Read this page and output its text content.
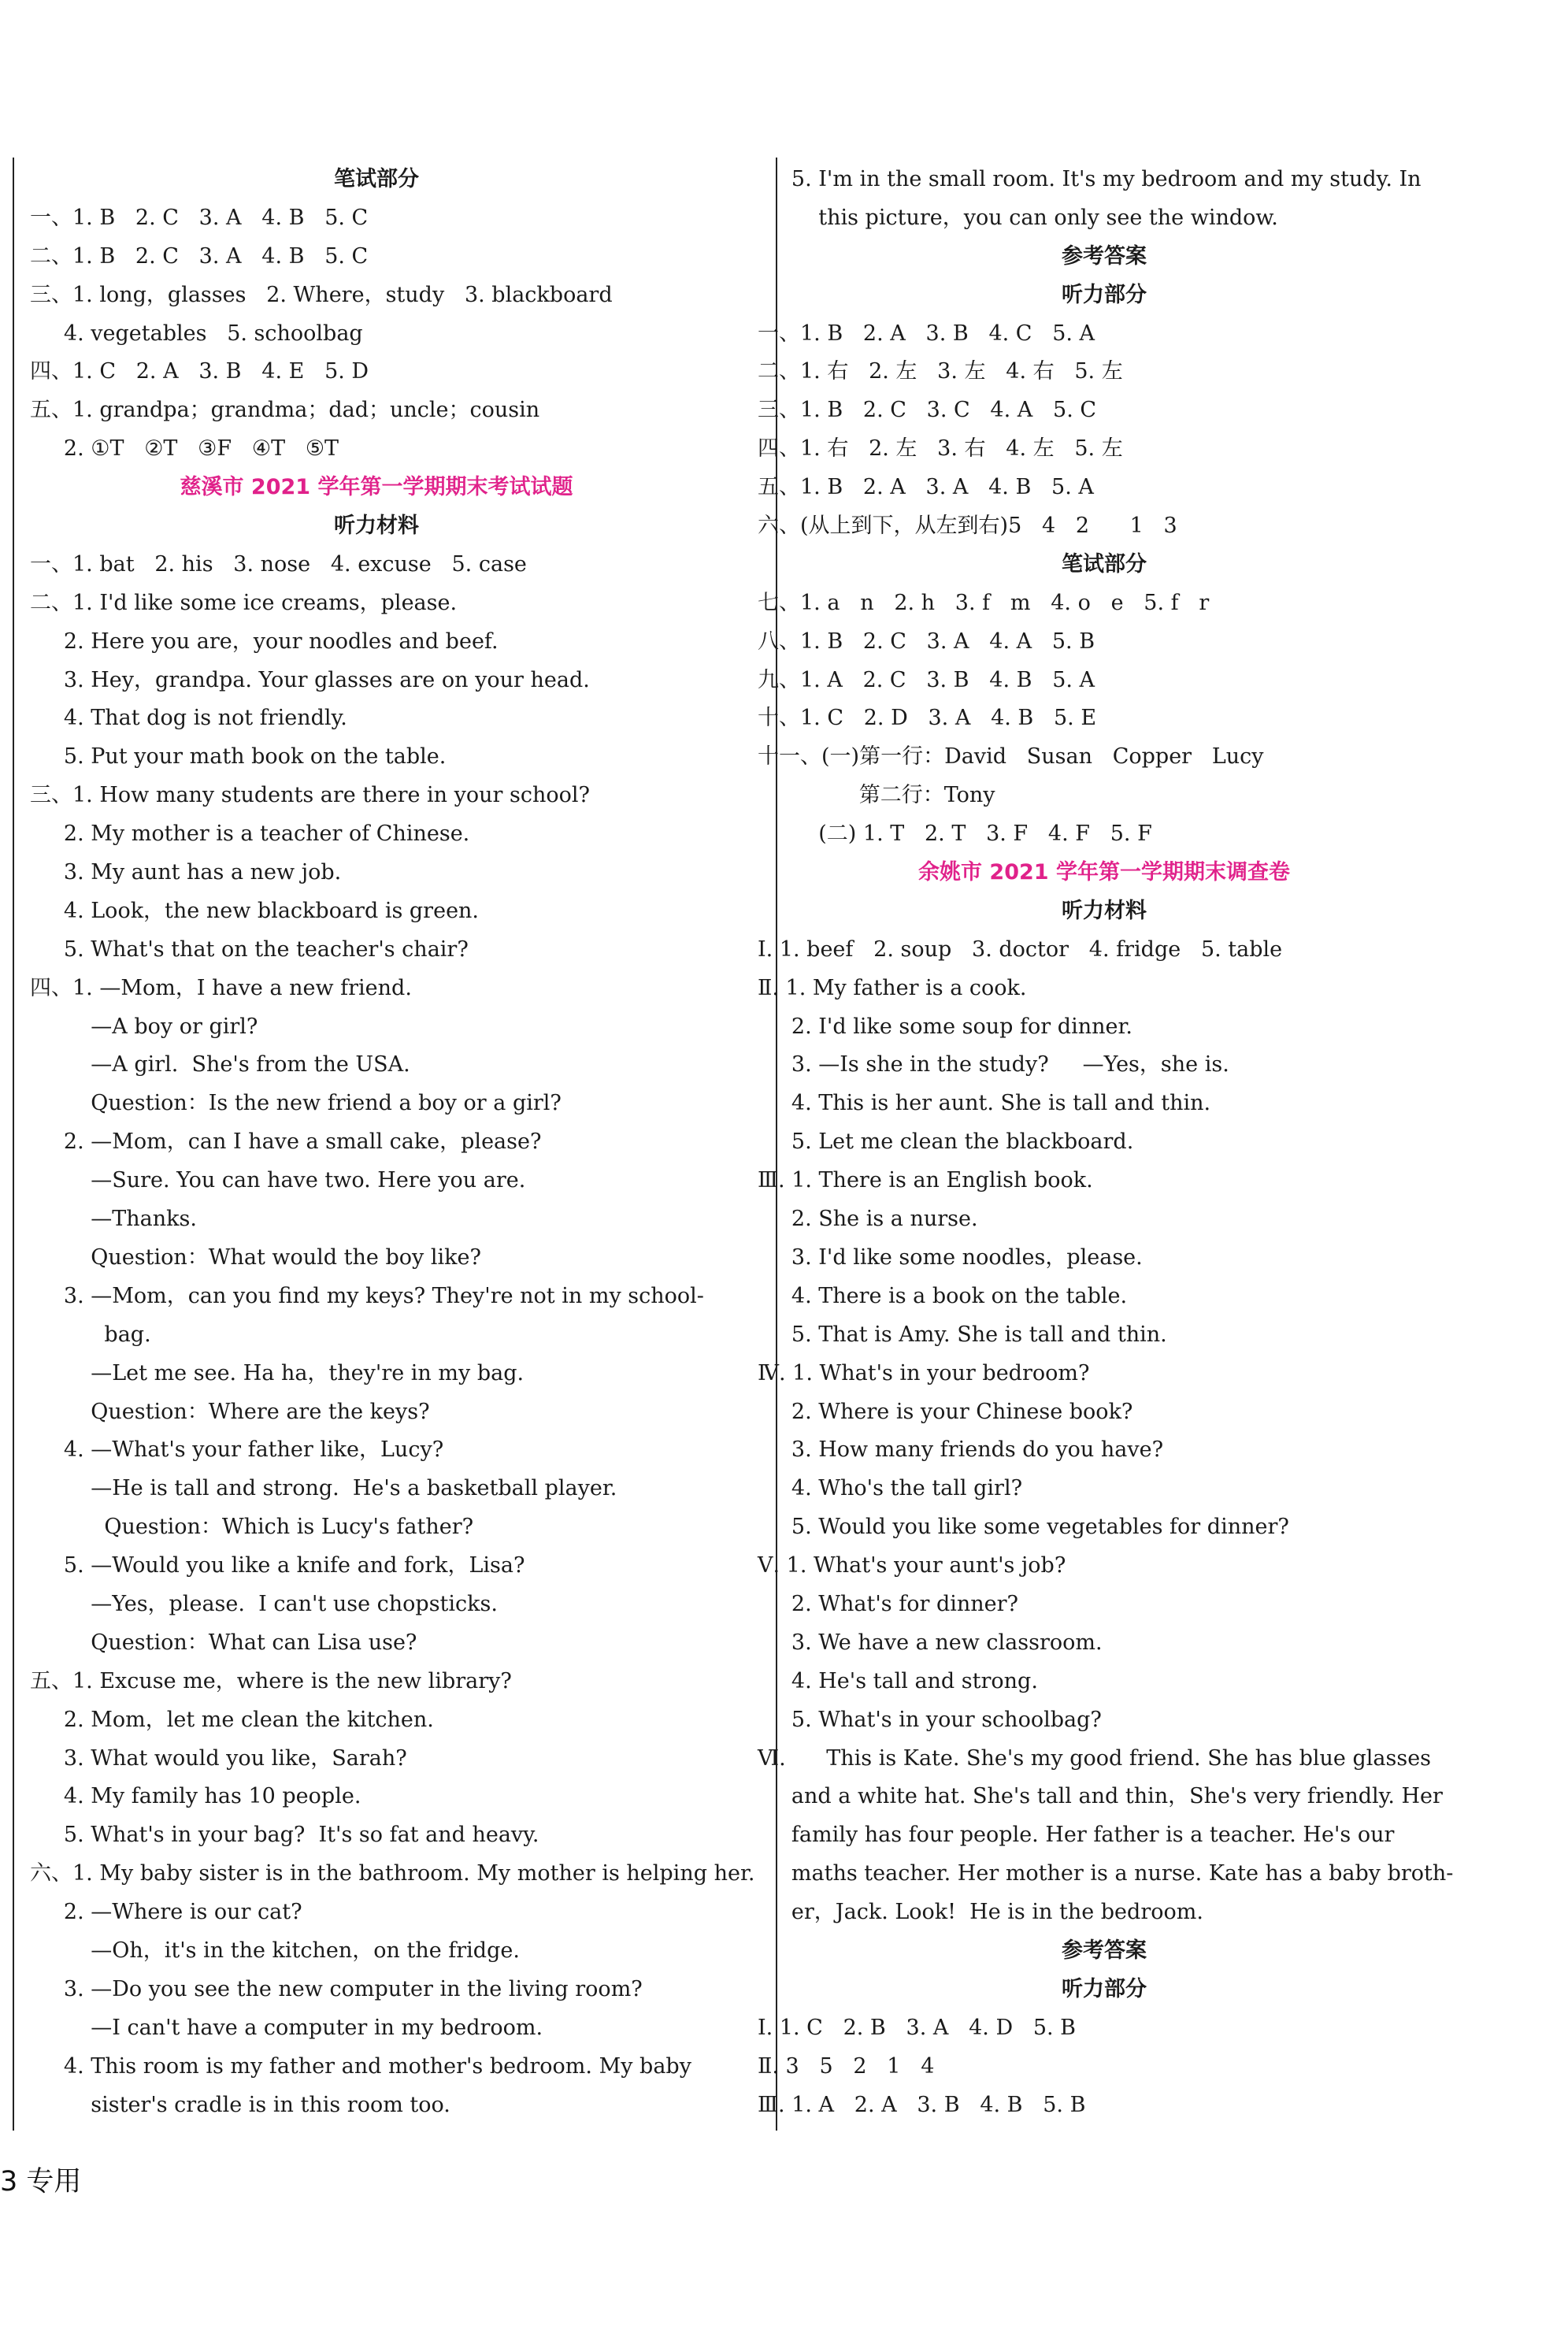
笔试部分
一、1. B   2. C   3. A   4. B   5. C
二、1. B   2. C   3. A   4. B   5. C
三、1. long，glasses   2. Where，study   3. blackboard
4. vegetables   5. schoolbag
四、1. C   2. A   3. B   4. E   5. D
五、1. grandpa；grandma；dad；uncle；cousin
2. ①T   ②T   ③F   ④T   ⑤T
慈溪市 2021 学年第一学期期末考试试题
听力材料
一、1. bat   2. his   3. nose   4. excuse   5. case
二、1. I'd like some ice creams，please.
2. Here you are，your noodles and beef.
3. Hey，grandpa. Your glasses are on your head.
4. That dog is not friendly.
5. Put your math book on the table.
三、1. How many students are there in your school?
2. My mother is a teacher of Chinese.
3. My aunt has a new job.
4. Look，the new blackboard is green.
5. What's that on the teacher's chair?
四、1. —Mom，I have a new friend.
—A boy or girl?
—A girl.  She's from the USA.
Question：Is the new friend a boy or a girl?
2. —Mom，can I have a small cake，please?
—Sure. You can have two. Here you are.
—Thanks.
Question：What would the boy like?
3. —Mom，can you find my keys? They're not in my school-
bag.
—Let me see. Ha ha，they're in my bag.
Question：Where are the keys?
4. —What's your father like，Lucy?
—He is tall and strong.  He's a basketball player.
Question：Which is Lucy's father?
5. —Would you like a knife and fork，Lisa?
—Yes，please.  I can't use chopsticks.
Question：What can Lisa use?
五、1. Excuse me，where is the new library?
2. Mom，let me clean the kitchen.
3. What would you like，Sarah?
4. My family has 10 people.
5. What's in your bag?  It's so fat and heavy.
六、1. My baby sister is in the bathroom. My mother is helping her.
2. —Where is our cat?
—Oh，it's in the kitchen，on the fridge.
3. —Do you see the new computer in the living room?
—I can't have a computer in my bedroom.
4. This room is my father and mother's bedroom. My baby
sister's cradle is in this room too.
5. I'm in the small room. It's my bedroom and my study. In
this picture，you can only see the window.
参考答案
听力部分
一、1. B   2. A   3. B   4. C   5. A
二、1. 右   2. 左   3. 左   4. 右   5. 左
三、1. B   2. C   3. C   4. A   5. C
四、1. 右   2. 左   3. 右   4. 左   5. 左
五、1. B   2. A   3. A   4. B   5. A
六、(从上到下，从左到右)5   4   2      1   3
笔试部分
七、1. a   n   2. h   3. f   m   4. o   e   5. f   r
八、1. B   2. C   3. A   4. A   5. B
九、1. A   2. C   3. B   4. B   5. A
十、1. C   2. D   3. A   4. B   5. E
十一、(一)第一行：David   Susan   Copper   Lucy
第二行：Tony
(二) 1. T   2. T   3. F   4. F   5. F
余姚市 2021 学年第一学期期末调查卷
听力材料
Ⅰ. 1. beef   2. soup   3. doctor   4. fridge   5. table
Ⅱ. 1. My father is a cook.
2. I'd like some soup for dinner.
3. —Is she in the study?     —Yes，she is.
4. This is her aunt. She is tall and thin.
5. Let me clean the blackboard.
Ⅲ. 1. There is an English book.
2. She is a nurse.
3. I'd like some noodles，please.
4. There is a book on the table.
5. That is Amy. She is tall and thin.
Ⅳ. 1. What's in your bedroom?
2. Where is your Chinese book?
3. How many friends do you have?
4. Who's the tall girl?
5. Would you like some vegetables for dinner?
Ⅴ. 1. What's your aunt's job?
2. What's for dinner?
3. We have a new classroom.
4. He's tall and strong.
5. What's in your schoolbag?
Ⅵ.      This is Kate. She's my good friend. She has blue glasses
and a white hat. She's tall and thin，She's very friendly. Her
family has four people. Her father is a teacher. He's our
maths teacher. Her mother is a nurse. Kate has a baby broth-
er，Jack. Look!  He is in the bedroom.
参考答案
听力部分
Ⅰ. 1. C   2. B   3. A   4. D   5. B
Ⅱ. 3   5   2   1   4
Ⅲ. 1. A   2. A   3. B   4. B   5. B
3 专用
